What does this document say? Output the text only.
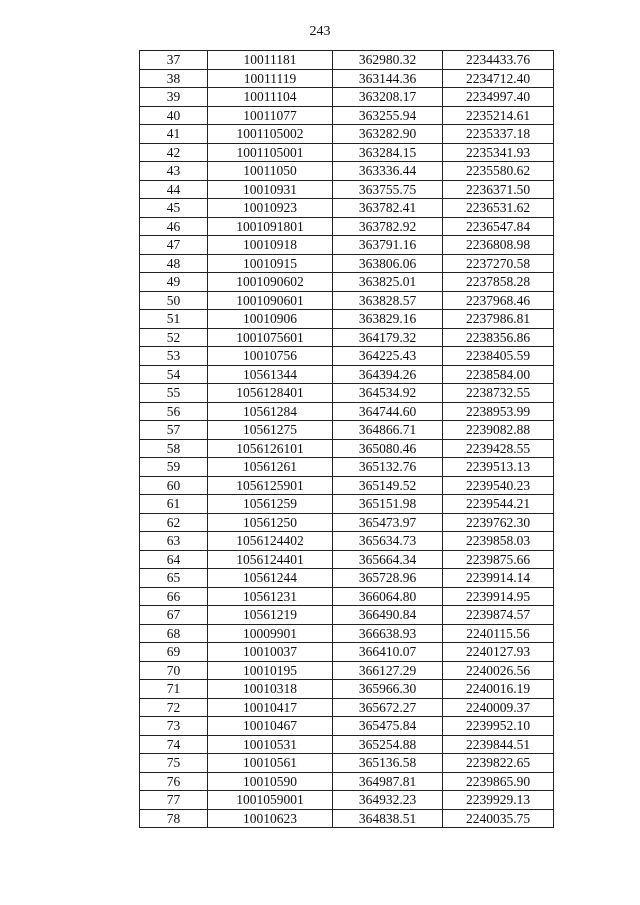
243
37	10011181	362980.32	2234433.76
38	10011119	363144.36	2234712.40
39	10011104	363208.17	2234997.40
40	10011077	363255.94	2235214.61
41	1001105002	363282.90	2235337.18
42	1001105001	363284.15	2235341.93
43	10011050	363336.44	2235580.62
44	10010931	363755.75	2236371.50
45	10010923	363782.41	2236531.62
46	1001091801	363782.92	2236547.84
47	10010918	363791.16	2236808.98
48	10010915	363806.06	2237270.58
49	1001090602	363825.01	2237858.28
50	1001090601	363828.57	2237968.46
51	10010906	363829.16	2237986.81
52	1001075601	364179.32	2238356.86
53	10010756	364225.43	2238405.59
54	10561344	364394.26	2238584.00
55	1056128401	364534.92	2238732.55
56	10561284	364744.60	2238953.99
57	10561275	364866.71	2239082.88
58	1056126101	365080.46	2239428.55
59	10561261	365132.76	2239513.13
60	1056125901	365149.52	2239540.23
61	10561259	365151.98	2239544.21
62	10561250	365473.97	2239762.30
63	1056124402	365634.73	2239858.03
64	1056124401	365664.34	2239875.66
65	10561244	365728.96	2239914.14
66	10561231	366064.80	2239914.95
67	10561219	366490.84	2239874.57
68	10009901	366638.93	2240115.56
69	10010037	366410.07	2240127.93
70	10010195	366127.29	2240026.56
71	10010318	365966.30	2240016.19
72	10010417	365672.27	2240009.37
73	10010467	365475.84	2239952.10
74	10010531	365254.88	2239844.51
75	10010561	365136.58	2239822.65
76	10010590	364987.81	2239865.90
77	1001059001	364932.23	2239929.13
78	10010623	364838.51	2240035.75
